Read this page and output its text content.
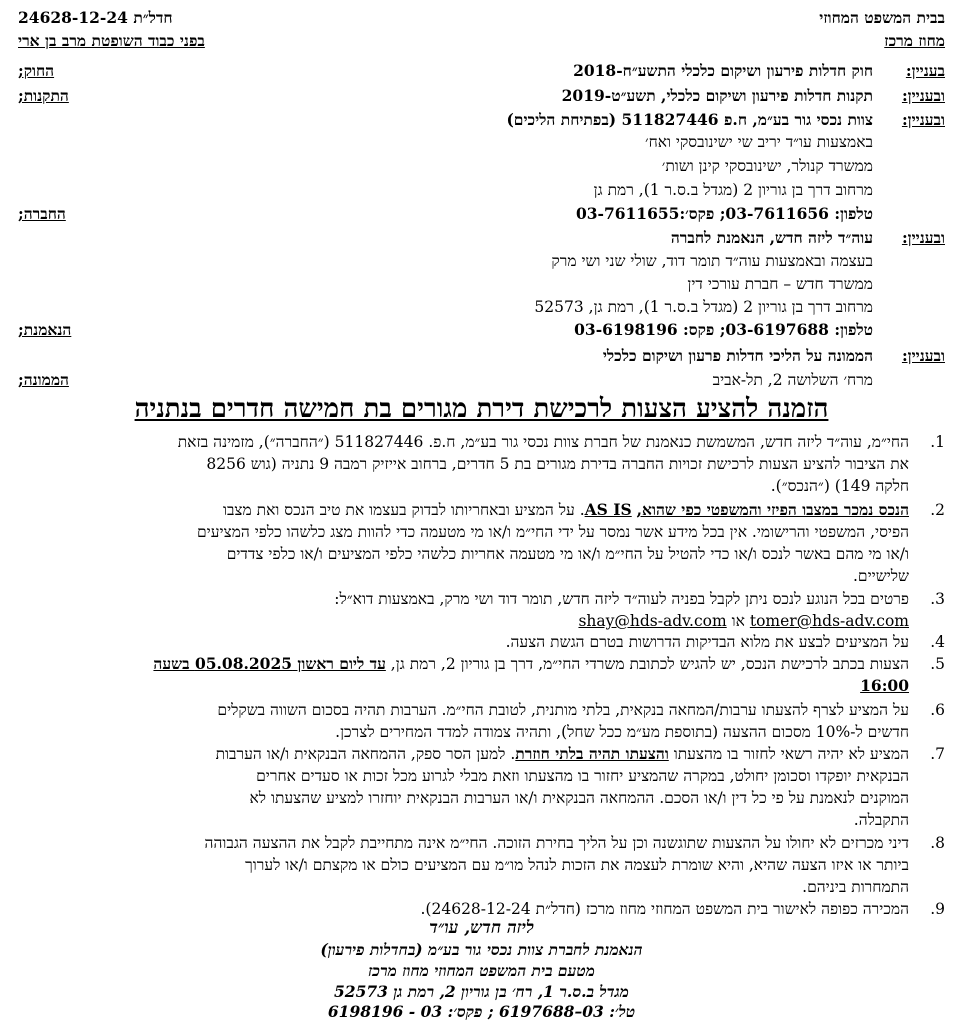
בבית המשפט המחוזי
חדל״ת 24628-12-24
מחוז מרכז
בפני כבוד השופטת מרב בן ארי
בעניין:
חוק חדלות פירעון ושיקום כלכלי התשע״ח-2018
החוק;
ובעניין:
תקנות חדלות פירעון ושיקום כלכלי, תשע״ט-2019
התקנות;
ובעניין:
צוות נכסי גור בע״מ, ח.פ 511827446 (בפתיחת הליכים)
באמצעות עו״ד יריב שי ישינובסקי ואח׳
ממשרד קנולר, ישינובסקי קינן ושות׳
מרחוב דרך בן גוריון 2 (מגדל ב.ס.ר 1), רמת גן
טלפון: 03-7611656; פקס׳:03-7611655
החברה;
ובעניין:
עוה״ד ליזה חדש, הנאמנת לחברה
בעצמה ובאמצעות עוה״ד תומר דוד, שולי שני ושי מרק
ממשרד חדש – חברת עורכי דין
מרחוב דרך בן גוריון 2 (מגדל ב.ס.ר 1), רמת גן, 52573
טלפון: 03-6197688; פקס: 03-6198196
הנאמנת;
ובעניין:
הממונה על הליכי חדלות פרעון ושיקום כלכלי
מרח׳ השלושה 2, תל-אביב
הממונה;
הזמנה להציע הצעות לרכישת דירת מגורים בת חמישה חדרים בנתניה
1.
החי״מ, עוה״ד ליזה חדש, המשמשת כנאמנת של חברת צוות נכסי גור בע״מ, ח.פ. 511827446 (״החברה״), מזמינה בזאת
את הציבור להציע הצעות לרכישת זכויות החברה בדירת מגורים בת 5 חדרים, ברחוב אייזיק רמבה 9 נתניה (גוש 8256
חלקה 149) (״הנכס״).
2.
הנכס נמכר במצבו הפיזי והמשפטי כפי שהוא, AS IS. על המציע ובאחריותו לבדוק בעצמו את טיב הנכס ואת מצבו
הפיסי, המשפטי והרישומי. אין בכל מידע אשר נמסר על ידי החי״מ ו/או מי מטעמה כדי להוות מצג כלשהו כלפי המציעים
ו/או מי מהם באשר לנכס ו/או כדי להטיל על החי״מ ו/או מי מטעמה אחריות כלשהי כלפי המציעים ו/או כלפי צדדים
שלישיים.
3.
פרטים בכל הנוגע לנכס ניתן לקבל בפניה לעוה״ד ליזה חדש, תומר דוד ושי מרק, באמצעות דוא״ל:
tomer@hds-adv.com או shay@hds-adv.com
4.
על המציעים לבצע את מלוא הבדיקות הדרושות בטרם הגשת הצעה.
5.
הצעות בכתב לרכישת הנכס, יש להגיש לכתובת משרדי החי״מ, דרך בן גוריון 2, רמת גן, עד ליום ראשון 05.08.2025 בשעה
16:00
6.
על המציע לצרף להצעתו ערבות/המחאה בנקאית, בלתי מותנית, לטובת החי״מ. הערבות תהיה בסכום השווה בשקלים
חדשים ל-10% מסכום ההצעה (בתוספת מע״מ ככל שחל), ותהיה צמודה למדד המחירים לצרכן.
7.
המציע לא יהיה רשאי לחזור בו מהצעתו והצעתו תהיה בלתי חוזרת. למען הסר ספק, ההמחאה הבנקאית ו/או הערבות
הבנקאית יופקדו וסכומן יחולט, במקרה שהמציע יחזור בו מהצעתו וזאת מבלי לגרוע מכל זכות או סעדים אחרים
המוקנים לנאמנת על פי כל דין ו/או הסכם. ההמחאה הבנקאית ו/או הערבות הבנקאית יוחזרו למציע שהצעתו לא
התקבלה.
8.
דיני מכרזים לא יחולו על ההצעות שתוגשנה וכן על הליך בחירת הזוכה. החי״מ אינה מתחייבת לקבל את ההצעה הגבוהה
ביותר או איזו הצעה שהיא, והיא שומרת לעצמה את הזכות לנהל מו״מ עם המציעים כולם או מקצתם ו/או לערוך
התמחרות ביניהם.
9.
המכירה כפופה לאישור בית המשפט המחוזי מחוז מרכז (חדל״ת 24628-12-24).
ליזה חדש, עו״ד
הנאמנת לחברת צוות נכסי גור בע״מ (בחדלות פירעון)
מטעם בית המשפט המחוזי מחוז מרכז
מגדל ב.ס.ר 1, רח׳ בן גוריון 2, רמת גן 52573
טל׳: 03–6197688 ; פקס׳: 03 - 6198196
